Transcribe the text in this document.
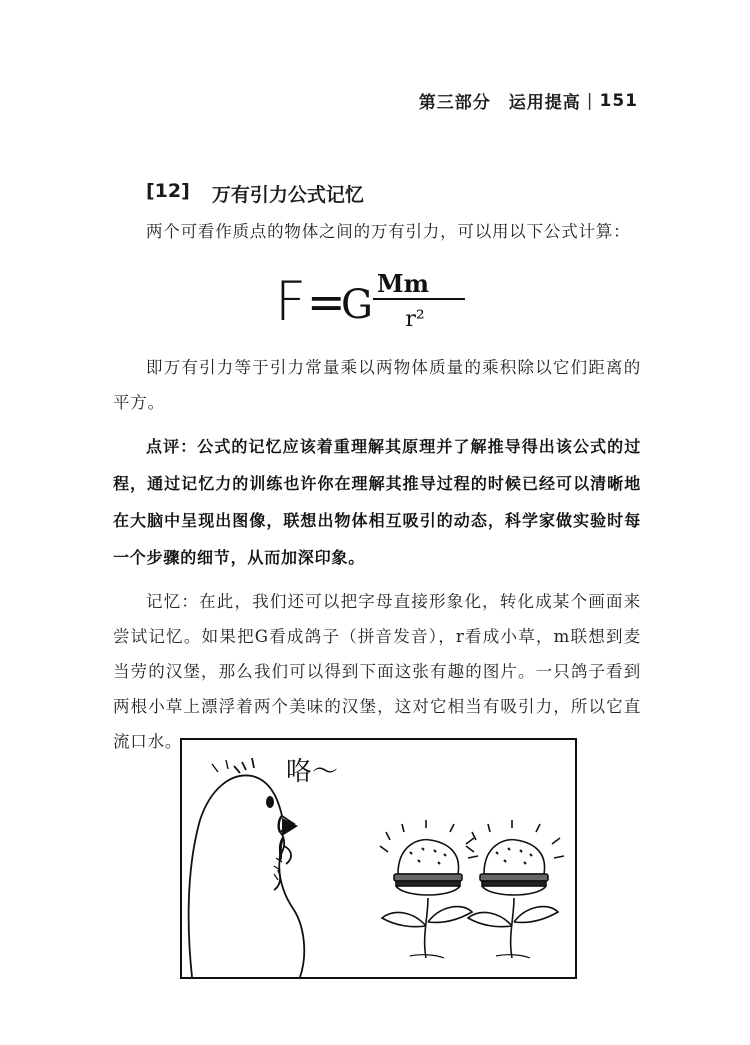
第三部分 运用提高 | 151
[12] 万有引力公式记忆
两个可看作质点的物体之间的万有引力，可以用以下公式计算：
F =
G Mm
r²
即万有引力等于引力常量乘以两物体质量的乘积除以它们距离的平方。
点评：公式的记忆应该着重理解其原理并了解推导得出该公式的过程，通过记忆力的训练也许你在理解其推导过程的时候已经可以清晰地在大脑中呈现出图像，联想出物体相互吸引的动态，科学家做实验时每一个步骤的细节，从而加深印象。
记忆：在此，我们还可以把字母直接形象化，转化成某个画面来尝试记忆。如果把G看成鸽子（拼音发音），r看成小草，m联想到麦当劳的汉堡，那么我们可以得到下面这张有趣的图片。一只鸽子看到两根小草上漂浮着两个美味的汉堡，这对它相当有吸引力，所以它直流口水。
咯～
